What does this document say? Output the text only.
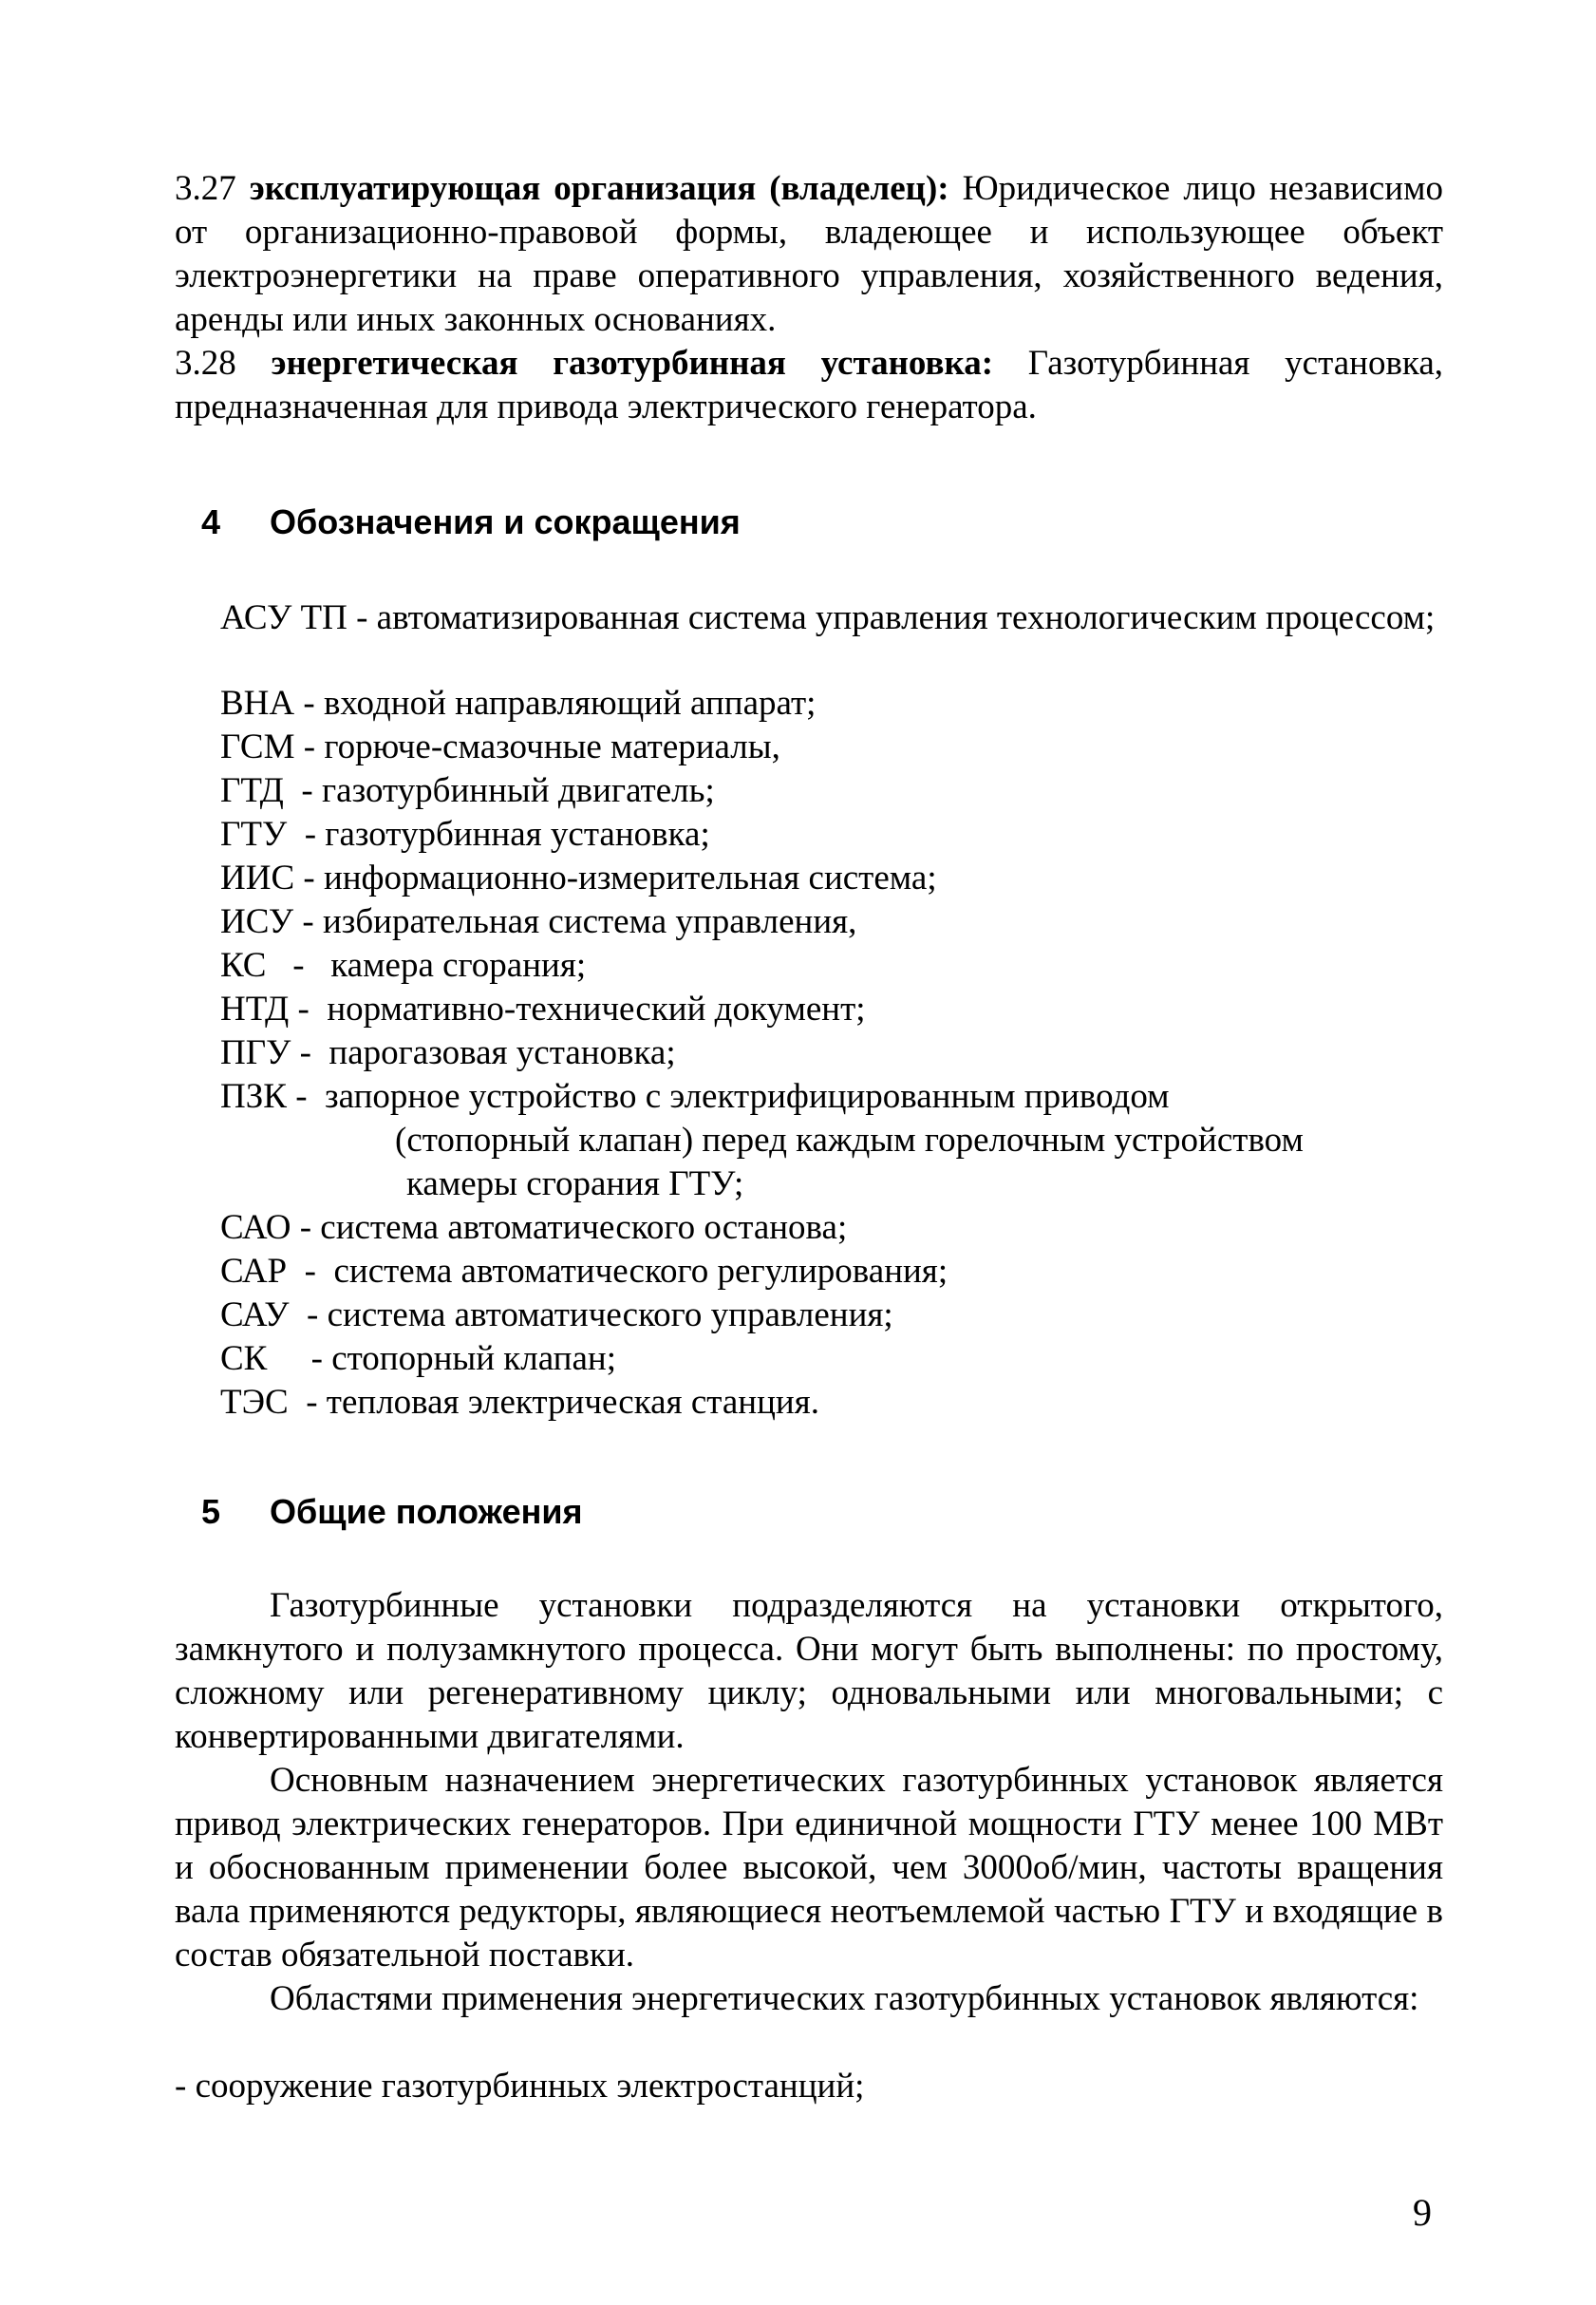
3.27 эксплуатирующая организация (владелец): Юридическое лицо независимо от организационно-правовой формы, владеющее и использующее объект электроэнергетики на праве оперативного управления, хозяйственного ведения, аренды или иных законных основаниях.

3.28 энергетическая газотурбинная установка: Газотурбинная установка, предназначенная для привода электрического генератора.

4 Обозначения и сокращения
АСУ ТП - автоматизированная система управления технологическим процессом;
ВНА - входной направляющий аппарат;
ГСМ - горюче-смазочные материалы,
ГТД  - газотурбинный двигатель;
ГТУ  - газотурбинная установка;
ИИС - информационно-измерительная система;
ИСУ - избирательная система управления,
КС   -   камера сгорания;
НТД -  нормативно-технический документ;
ПГУ -  парогазовая установка;
ПЗК -  запорное устройство с электрифицированным приводом
(стопорный клапан) перед каждым горелочным устройством
камеры сгорания ГТУ;
САО - система автоматического останова;
САР  -  система автоматического регулирования;
САУ  - система автоматического управления;
СК     - стопорный клапан;
ТЭС  - тепловая электрическая станция.
5 Общие положения

Газотурбинные установки подразделяются на установки открытого, замкнутого и полузамкнутого процесса. Они могут быть выполнены: по простому, сложному или регенеративному циклу; одновальными или многовальными; с конвертированными двигателями.

Основным назначением энергетических газотурбинных установок является привод электрических генераторов. При единичной мощности ГТУ менее 100 МВт и обоснованным применении более высокой, чем 3000об/мин, частоты вращения вала применяются редукторы, являющиеся неотъемлемой частью ГТУ и входящие в состав обязательной поставки.

Областями применения энергетических газотурбинных установок являются:

- сооружение газотурбинных электростанций;
9
